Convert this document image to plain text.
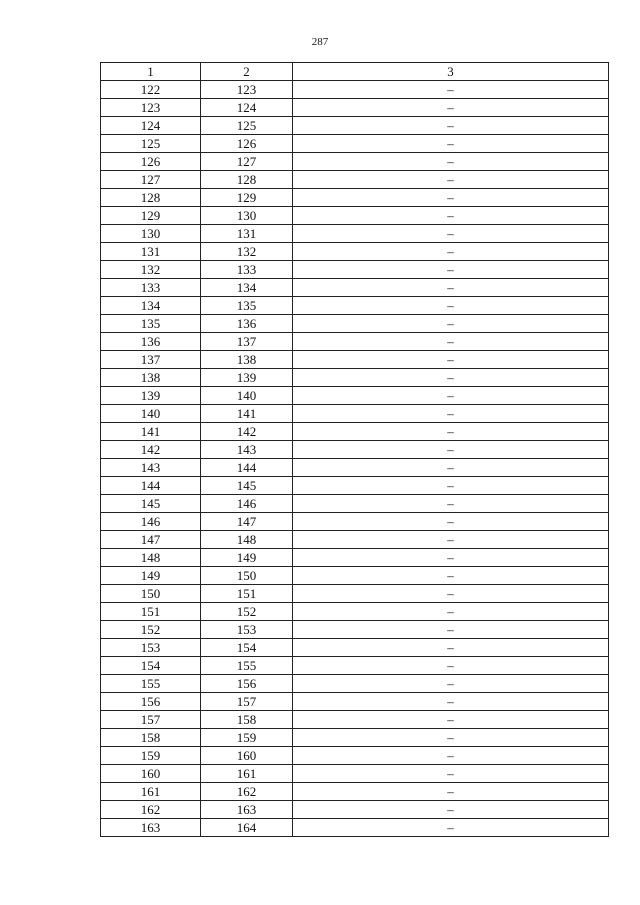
287
1	2	3
122	123	–
123	124	–
124	125	–
125	126	–
126	127	–
127	128	–
128	129	–
129	130	–
130	131	–
131	132	–
132	133	–
133	134	–
134	135	–
135	136	–
136	137	–
137	138	–
138	139	–
139	140	–
140	141	–
141	142	–
142	143	–
143	144	–
144	145	–
145	146	–
146	147	–
147	148	–
148	149	–
149	150	–
150	151	–
151	152	–
152	153	–
153	154	–
154	155	–
155	156	–
156	157	–
157	158	–
158	159	–
159	160	–
160	161	–
161	162	–
162	163	–
163	164	–
